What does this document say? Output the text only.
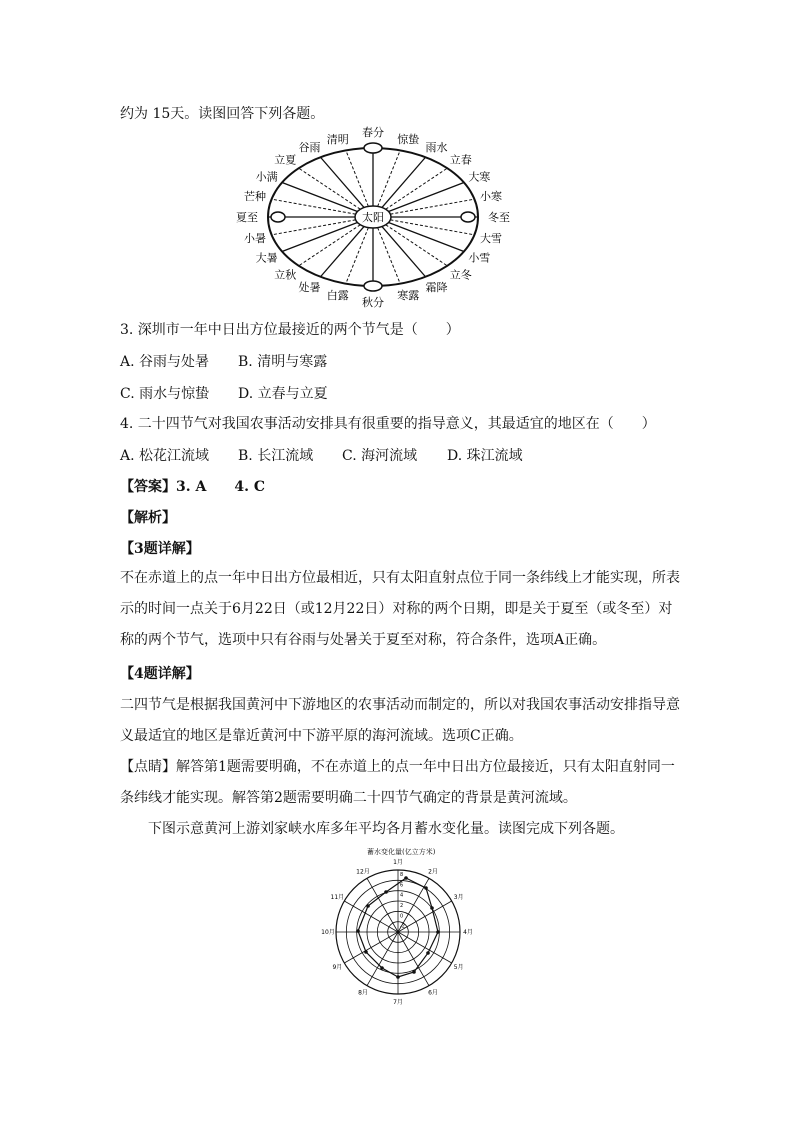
约为 15天。读图回答下列各题。
太阳
春分
惊蛰
雨水
立春
大寒
小寒
冬至
大雪
小雪
立冬
霜降
寒露
秋分
白露
处暑
立秋
大暑
小暑
夏至
芒种
小满
立夏
谷雨
清明
3. 深圳市一年中日出方位最接近的两个节气是（　　）
A. 谷雨与处暑 B. 清明与寒露
C. 雨水与惊蛰 D. 立春与立夏
4. 二十四节气对我国农事活动安排具有很重要的指导意义，其最适宜的地区在（　　）
A. 松花江流域 B. 长江流域 C. 海河流域 D. 珠江流域
【答案】3. A　　4. C
【解析】
【3题详解】
不在赤道上的点一年中日出方位最相近，只有太阳直射点位于同一条纬线上才能实现，所表示的时间一点关于6月22日（或12月22日）对称的两个日期，即是关于夏至（或冬至）对称的两个节气，选项中只有谷雨与处暑关于夏至对称，符合条件，选项A正确。
【4题详解】
二四节气是根据我国黄河中下游地区的农事活动而制定的，所以对我国农事活动安排指导意义最适宜的地区是靠近黄河中下游平原的海河流域。选项C正确。
【点睛】解答第1题需要明确，不在赤道上的点一年中日出方位最接近，只有太阳直射同一条纬线才能实现。解答第2题需要明确二十四节气确定的背景是黄河流域。
下图示意黄河上游刘家峡水库多年平均各月蓄水变化量。读图完成下列各题。
蓄水变化量(亿立方米)
8
6
4
2
0
-2
1月
2月
3月
4月
5月
6月
7月
8月
9月
10月
11月
12月
